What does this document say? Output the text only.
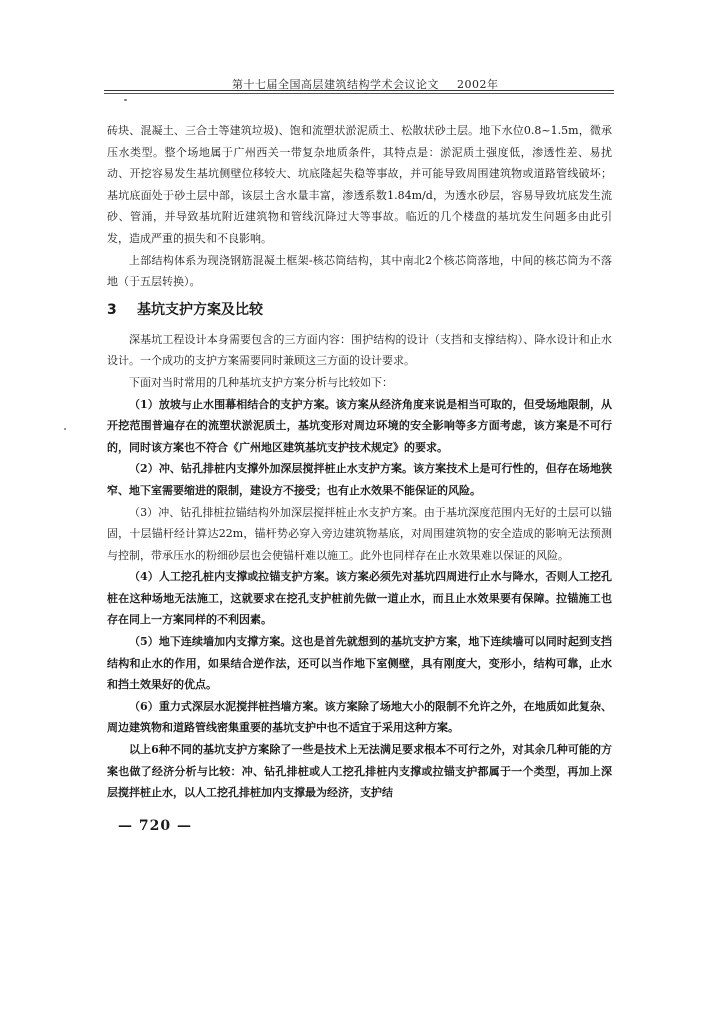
第十七届全国高层建筑结构学术会议论文 2002年

砖块、混凝土、三合土等建筑垃圾)、饱和流塑状淤泥质土、松散状砂土层。地下水位0.8~1.5m，微承压水类型。整个场地属于广州西关一带复杂地质条件，其特点是：淤泥质土强度低，渗透性差、易扰动、开挖容易发生基坑侧壁位移较大、坑底隆起失稳等事故，并可能导致周围建筑物或道路管线破坏；基坑底面处于砂土层中部，该层土含水量丰富，渗透系数1.84m/d，为透水砂层，容易导致坑底发生流砂、管涌，并导致基坑附近建筑物和管线沉降过大等事故。临近的几个楼盘的基坑发生问题多由此引发，造成严重的损失和不良影响。

上部结构体系为现浇钢筋混凝土框架-核芯筒结构，其中南北2个核芯筒落地，中间的核芯筒为不落地（于五层转换）。

3 基坑支护方案及比较

深基坑工程设计本身需要包含的三方面内容：围护结构的设计（支挡和支撑结构）、降水设计和止水设计。一个成功的支护方案需要同时兼顾这三方面的设计要求。

下面对当时常用的几种基坑支护方案分析与比较如下：

（1）放坡与止水围幕相结合的支护方案。该方案从经济角度来说是相当可取的，但受场地限制，从开挖范围普遍存在的流塑状淤泥质土，基坑变形对周边环境的安全影响等多方面考虑，该方案是不可行的，同时该方案也不符合《广州地区建筑基坑支护技术规定》的要求。

（2）冲、钻孔排桩内支撑外加深层搅拌桩止水支护方案。该方案技术上是可行性的，但存在场地狭窄、地下室需要缩进的限制，建设方不接受；也有止水效果不能保证的风险。

（3）冲、钻孔排桩拉锚结构外加深层搅拌桩止水支护方案。由于基坑深度范围内无好的土层可以锚固，十层锚杆经计算达22m，锚杆势必穿入旁边建筑物基底，对周围建筑物的安全造成的影响无法预测与控制，带承压水的粉细砂层也会使锚杆难以施工。此外也同样存在止水效果难以保证的风险。

（4）人工挖孔桩内支撑或拉锚支护方案。该方案必须先对基坑四周进行止水与降水，否则人工挖孔桩在这种场地无法施工，这就要求在挖孔支护桩前先做一道止水，而且止水效果要有保障。拉锚施工也存在同上一方案同样的不利因素。

（5）地下连续墙加内支撑方案。这也是首先就想到的基坑支护方案，地下连续墙可以同时起到支挡结构和止水的作用，如果结合逆作法，还可以当作地下室侧壁，具有刚度大，变形小，结构可靠，止水和挡土效果好的优点。

（6）重力式深层水泥搅拌桩挡墙方案。该方案除了场地大小的限制不允许之外，在地质如此复杂、周边建筑物和道路管线密集重要的基坑支护中也不适宜于采用这种方案。

以上6种不同的基坑支护方案除了一些是技术上无法满足要求根本不可行之外，对其余几种可能的方案也做了经济分析与比较：冲、钻孔排桩或人工挖孔排桩内支撑或拉锚支护都属于一个类型，再加上深层搅拌桩止水，以人工挖孔排桩加内支撑最为经济，支护结

— 720 —
